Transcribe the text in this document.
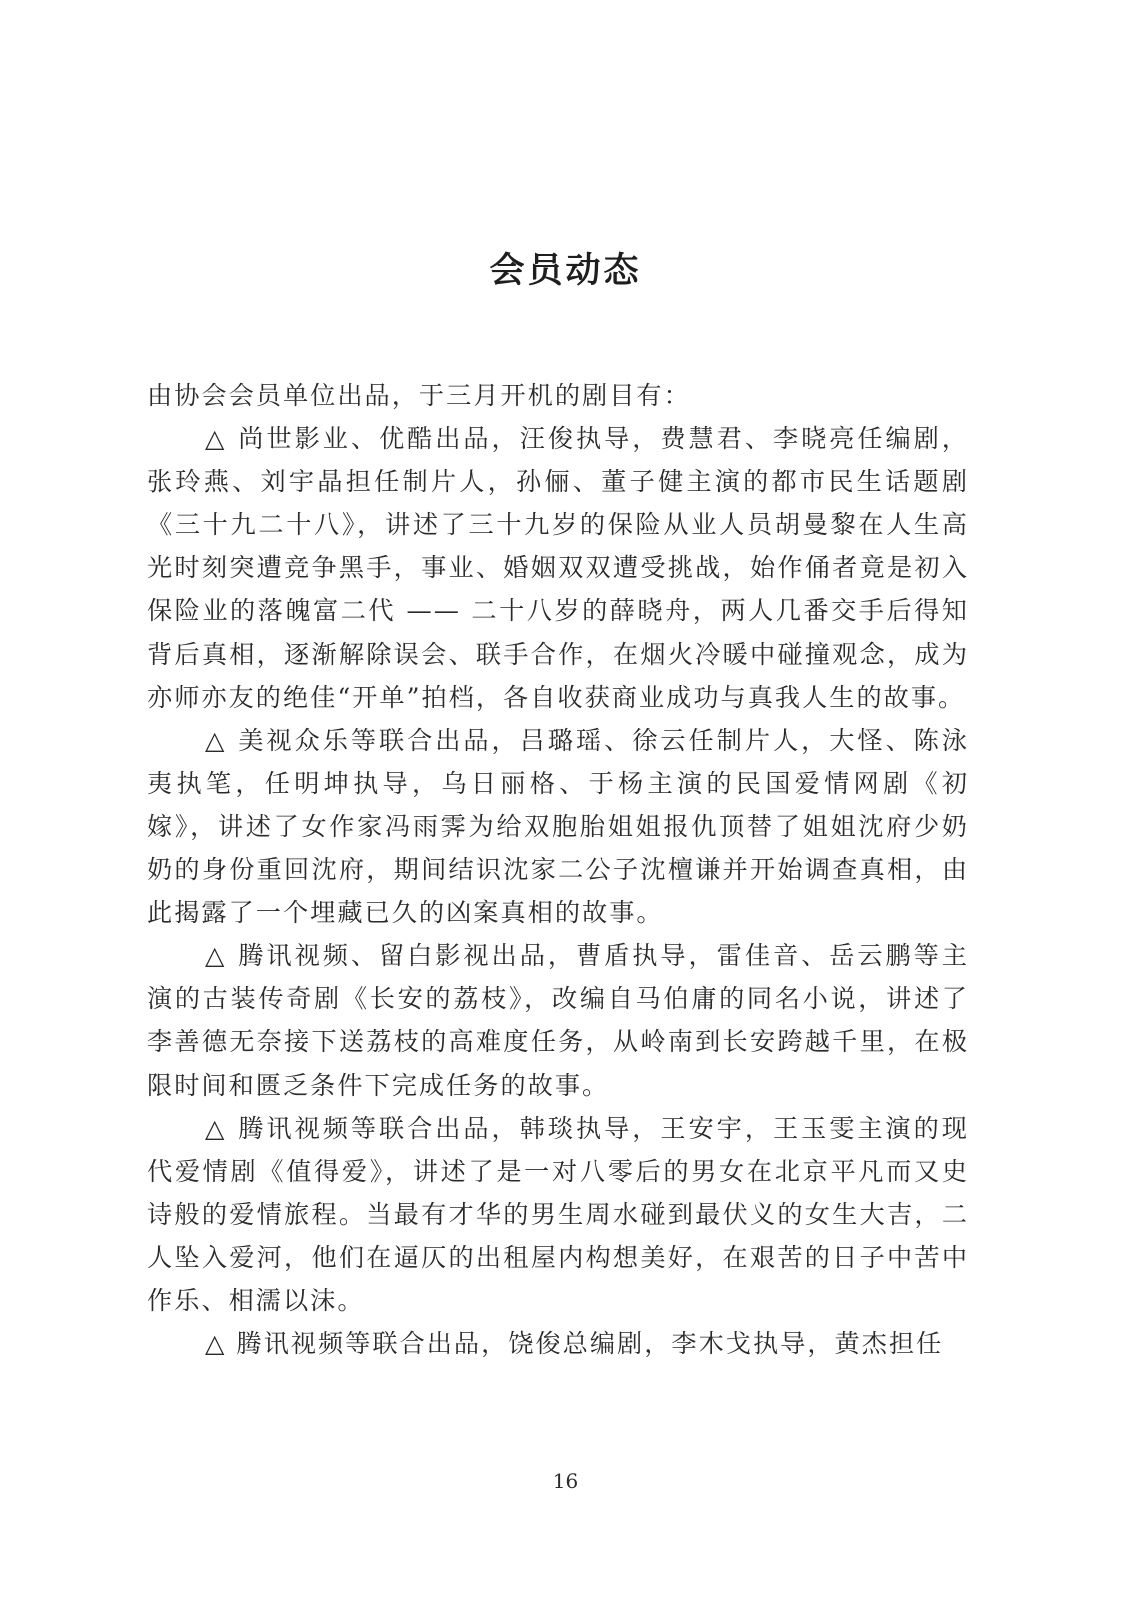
会员动态

由协会会员单位出品，于三月开机的剧目有：

△ 尚世影业、优酷出品，汪俊执导，费慧君、李晓亮任编剧，张玲燕、刘宇晶担任制片人，孙俪、董子健主演的都市民生话题剧《三十九二十八》，讲述了三十九岁的保险从业人员胡曼黎在人生高光时刻突遭竞争黑手，事业、婚姻双双遭受挑战，始作俑者竟是初入保险业的落魄富二代 —— 二十八岁的薛晓舟，两人几番交手后得知背后真相，逐渐解除误会、联手合作，在烟火冷暖中碰撞观念，成为亦师亦友的绝佳“开单”拍档，各自收获商业成功与真我人生的故事。

△ 美视众乐等联合出品，吕璐瑶、徐云任制片人，大怪、陈泳夷执笔，任明坤执导，乌日丽格、于杨主演的民国爱情网剧《初嫁》，讲述了女作家冯雨霁为给双胞胎姐姐报仇顶替了姐姐沈府少奶奶的身份重回沈府，期间结识沈家二公子沈檀谦并开始调查真相，由此揭露了一个埋藏已久的凶案真相的故事。

△ 腾讯视频、留白影视出品，曹盾执导，雷佳音、岳云鹏等主演的古装传奇剧《长安的荔枝》，改编自马伯庸的同名小说，讲述了李善德无奈接下送荔枝的高难度任务，从岭南到长安跨越千里，在极限时间和匮乏条件下完成任务的故事。

△ 腾讯视频等联合出品，韩琰执导，王安宇，王玉雯主演的现代爱情剧《值得爱》，讲述了是一对八零后的男女在北京平凡而又史诗般的爱情旅程。当最有才华的男生周水碰到最伏义的女生大吉，二人坠入爱河，他们在逼仄的出租屋内构想美好，在艰苦的日子中苦中作乐、相濡以沫。

△ 腾讯视频等联合出品，饶俊总编剧，李木戈执导，黄杰担任

16
